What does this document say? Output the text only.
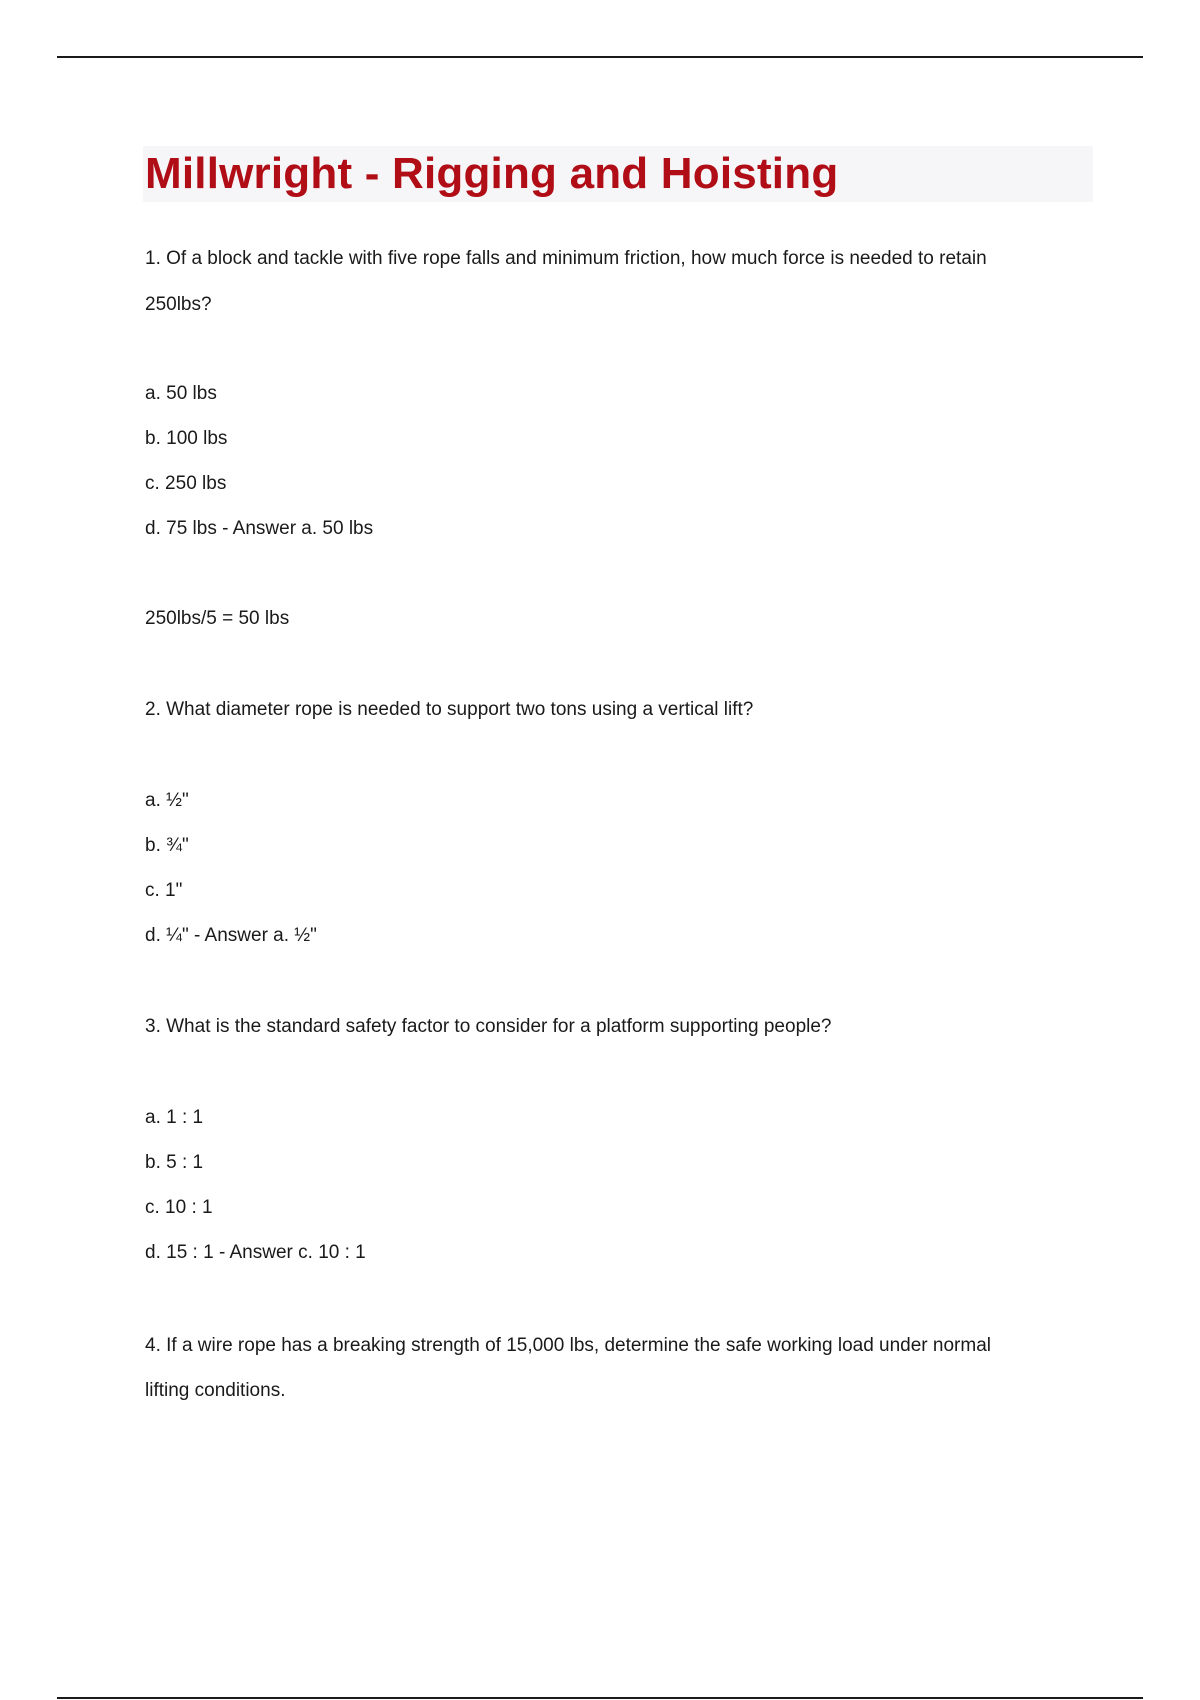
Millwright - Rigging and Hoisting

1. Of a block and tackle with five rope falls and minimum friction, how much force is needed to retain

250lbs?

a. 50 lbs

b. 100 lbs

c. 250 lbs

d. 75 lbs - Answer a. 50 lbs

250lbs/5 = 50 lbs

2. What diameter rope is needed to support two tons using a vertical lift?

a. ½"

b. ¾"

c. 1"

d. ¼" - Answer a. ½"

3. What is the standard safety factor to consider for a platform supporting people?

a. 1 : 1

b. 5 : 1

c. 10 : 1

d. 15 : 1 - Answer c. 10 : 1

4. If a wire rope has a breaking strength of 15,000 lbs, determine the safe working load under normal

lifting conditions.
